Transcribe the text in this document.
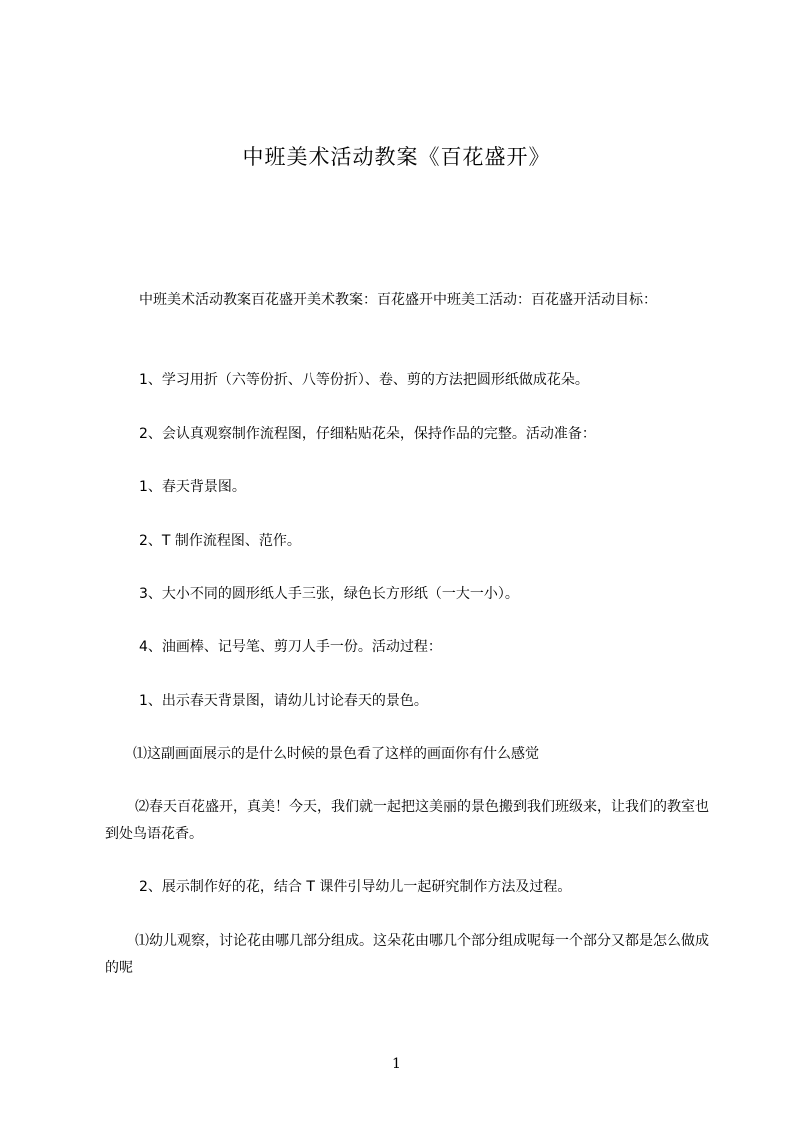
中班美术活动教案《百花盛开》

中班美术活动教案百花盛开美术教案：百花盛开中班美工活动：百花盛开活动目标：

1、学习用折（六等份折、八等份折）、卷、剪的方法把圆形纸做成花朵。

2、会认真观察制作流程图，仔细粘贴花朵，保持作品的完整。活动准备：

1、春天背景图。

2、T 制作流程图、范作。

3、大小不同的圆形纸人手三张，绿色长方形纸（一大一小）。

4、油画棒、记号笔、剪刀人手一份。活动过程：

1、出示春天背景图，请幼儿讨论春天的景色。

⑴这副画面展示的是什么时候的景色看了这样的画面你有什么感觉

⑵春天百花盛开，真美！今天，我们就一起把这美丽的景色搬到我们班级来，让我们的教室也到处鸟语花香。

2、展示制作好的花，结合 T 课件引导幼儿一起研究制作方法及过程。

⑴幼儿观察，讨论花由哪几部分组成。这朵花由哪几个部分组成呢每一个部分又都是怎么做成的呢

1
